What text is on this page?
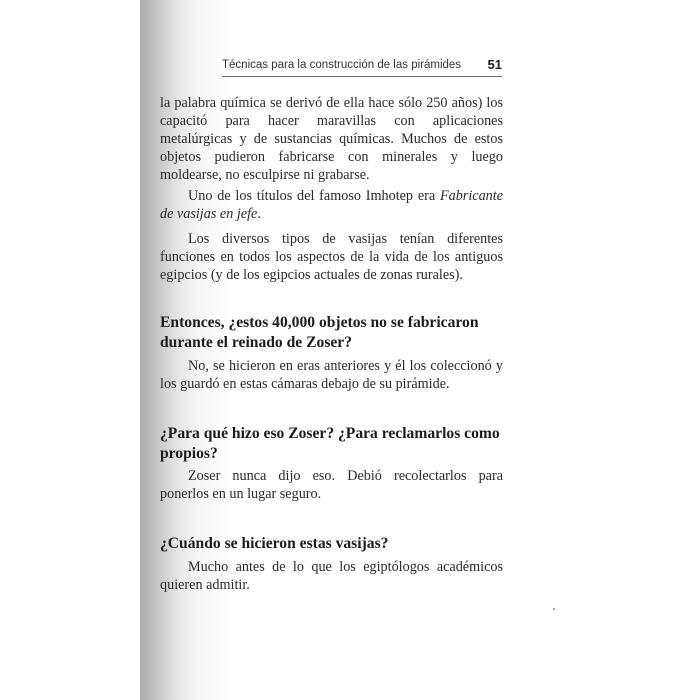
Técnicas para la construcción de las pirámides 51

la palabra química se derivó de ella hace sólo 250 años) los capacitó para hacer maravillas con aplicaciones metalúrgicas y de sustancias químicas. Muchos de estos objetos pudieron fabricarse con minerales y luego moldearse, no esculpirse ni grabarse.

Uno de los títulos del famoso Imhotep era Fabricante de vasijas en jefe.

Los diversos tipos de vasijas tenían diferentes funciones en todos los aspectos de la vida de los antiguos egipcios (y de los egipcios actuales de zonas rurales).

Entonces, ¿estos 40,000 objetos no se fabricaron durante el reinado de Zoser?

No, se hicieron en eras anteriores y él los coleccionó y los guardó en estas cámaras debajo de su pirámide.

¿Para qué hizo eso Zoser? ¿Para reclamarlos como propios?

Zoser nunca dijo eso. Debió recolectarlos para ponerlos en un lugar seguro.

¿Cuándo se hicieron estas vasijas?

Mucho antes de lo que los egiptólogos académicos quieren admitir.
